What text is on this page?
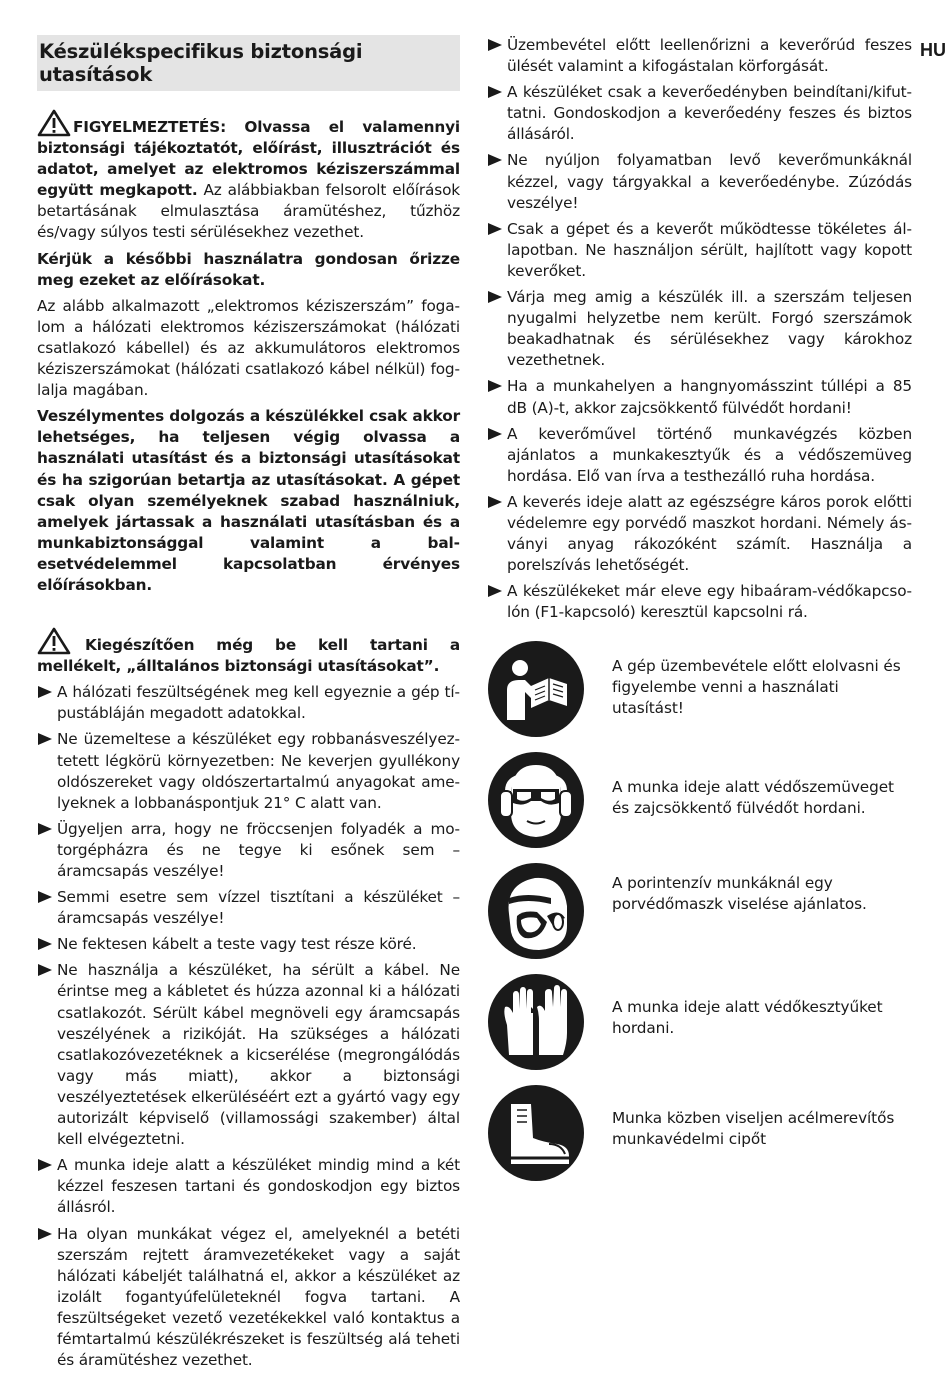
HU
Készülékspecifikus biztonsági utasítások

FIGYELMEZTETÉS: Olvassa el valamennyi biztonsági tájékoztatót, előírást, illusztrációt és adatot, amelyet az elektromos kéziszerszámmal együtt megkapott. Az alábbiakban felsorolt előírások betartásának elmulasztása áramütéshez, tűzhöz és/vagy súlyos testi sérülésekhez vezethet.

Kérjük a későbbi használatra gondosan őrizze meg ezeket az előírásokat.

Az alább alkalmazott „elektromos kéziszerszám” fogalom a hálózati elektromos kéziszerszámokat (hálózati csatlakozó kábellel) és az akkumulátoros elektromos kéziszerszámokat (hálózati csatlakozó kábel nélkül) foglalja magában.

Veszélymentes dolgozás a készülékkel csak akkor lehetséges, ha teljesen végig olvassa a használati utasítást és a biztonsági utasításokat és ha szigorúan betartja az utasításokat. A gépet csak olyan személyeknek szabad használniuk, amelyek jártassak a használati utasításban és a munkabiztonsággal valamint a balesetvédelemmel kapcsolatban érvényes előírásokban.

Kiegészítően még be kell tartani a mellékelt, „álltalános biztonsági utasításokat”.

A hálózati feszültségének meg kell egyeznie a gép típustábláján megadott adatokkal.
Ne üzemeltese a készüléket egy robbanásveszélyeztetett légkörü környezetben: Ne keverjen gyullékony oldószereket vagy oldószertartalmú anyagokat amelyeknek a lobbanáspontjuk 21° C alatt van.
Ügyeljen arra, hogy ne fröccsenjen folyadék a motorgépházra és ne tegye ki esőnek sem – áramcsapás veszélye!
Semmi esetre sem vízzel tisztítani a készüléket – áramcsapás veszélye!
Ne fektesen kábelt a teste vagy test része köré.
Ne használja a készüléket, ha sérült a kábel. Ne érintse meg a kábletet és húzza azonnal ki a hálózati csatlakozót. Sérült kábel megnöveli egy áramcsapás veszélyének a rizikóját. Ha szükséges a hálózati csatlakozóvezetéknek a kicserélése (megrongálódás vagy más miatt), akkor a biztonsági veszélyeztetések elkerüléséért ezt a gyártó vagy egy autorizált képviselő (villamossági szakember) által kell elvégeztetni.
A munka ideje alatt a készüléket mindig mind a két kézzel feszesen tartani és gondoskodjon egy biztos állásról.
Ha olyan munkákat végez el, amelyeknél a betéti szerszám rejtett áramvezetékeket vagy a saját hálózati kábeljét találhatná el, akkor a készüléket az izolált fogantyúfelületeknél fogva tartani. A feszültségeket vezető vezetékekkel való kontaktus a fémtartalmú készülékrészeket is feszültség alá teheti és áramütéshez vezethet.
Üzembevétel előtt leellenőrizni a keverőrúd feszes ülését valamint a kifogástalan körforgását.
A készüléket csak a keverőedényben beindítani/kifuttatni. Gondoskodjon a keverőedény feszes és biztos állásáról.
Ne nyúljon folyamatban levő keverőmunkáknál kézzel, vagy tárgyakkal a keverőedénybe. Zúzódás veszélye!
Csak a gépet és a keverőt működtesse tökéletes állapotban. Ne használjon sérült, hajlított vagy kopott keverőket.
Várja meg amig a készülék ill. a szerszám teljesen nyugalmi helyzetbe nem került. Forgó szerszámok beakadhatnak és sérülésekhez vagy károkhoz vezethetnek.
Ha a munkahelyen a hangnyomásszint túllépi a 85 dB (A)-t, akkor zajcsökkentő fülvédőt hordani!
A keverőművel történő munkavégzés közben ajánlatos a munkakesztyűk és a védőszemüveg hordása. Elő van írva a testhezálló ruha hordása.
A keverés ideje alatt az egészségre káros porok előtti védelemre egy porvédő maszkot hordani. Némely ásványi anyag rákozóként számít. Használja a porelszívás lehetőségét.
A készülékeket már eleve egy hibaáram-védőkapcsolón (F1-kapcsoló) keresztül kapcsolni rá.
A gép üzembevétele előtt elolvasni és figyelembe venni a használati utasítást!
A munka ideje alatt védőszemüveget és zajcsökkentő fülvédőt hordani.
A porintenzív munkáknál egy porvédőmaszk viselése ajánlatos.
A munka ideje alatt védőkesztyűket hordani.
Munka közben viseljen acélmerevítős munkavédelmi cipőt
